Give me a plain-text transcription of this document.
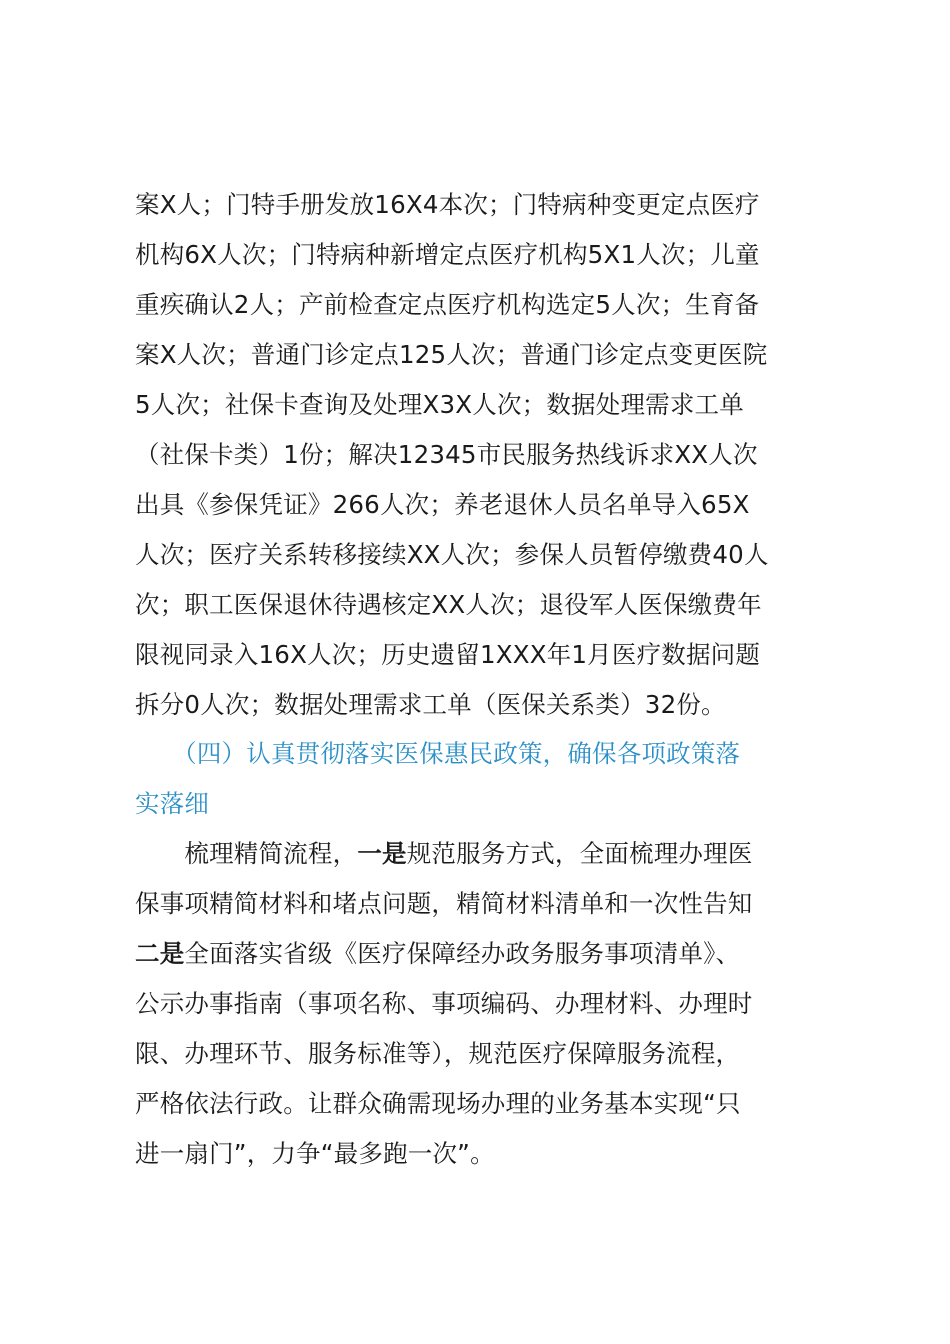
案X人；门特手册发放16X4本次；门特病种变更定点医疗
机构6X人次；门特病种新增定点医疗机构5X1人次；儿童
重疾确认2人；产前检查定点医疗机构选定5人次；生育备
案X人次；普通门诊定点125人次；普通门诊定点变更医院
5人次；社保卡查询及处理X3X人次；数据处理需求工单
（社保卡类）1份；解决12345市民服务热线诉求XX人次
出具《参保凭证》266人次；养老退休人员名单导入65X
人次；医疗关系转移接续XX人次；参保人员暂停缴费40人
次；职工医保退休待遇核定XX人次；退役军人医保缴费年
限视同录入16X人次；历史遗留1XXX年1月医疗数据问题
拆分0人次；数据处理需求工单（医保关系类）32份。
　　（四）认真贯彻落实医保惠民政策，确保各项政策落
实落细
　　梳理精简流程，一是规范服务方式，全面梳理办理医
保事项精简材料和堵点问题，精简材料清单和一次性告知
二是全面落实省级《医疗保障经办政务服务事项清单》、
公示办事指南（事项名称、事项编码、办理材料、办理时
限、办理环节、服务标准等），规范医疗保障服务流程，
严格依法行政。让群众确需现场办理的业务基本实现“只
进一扇门”，力争“最多跑一次”。
